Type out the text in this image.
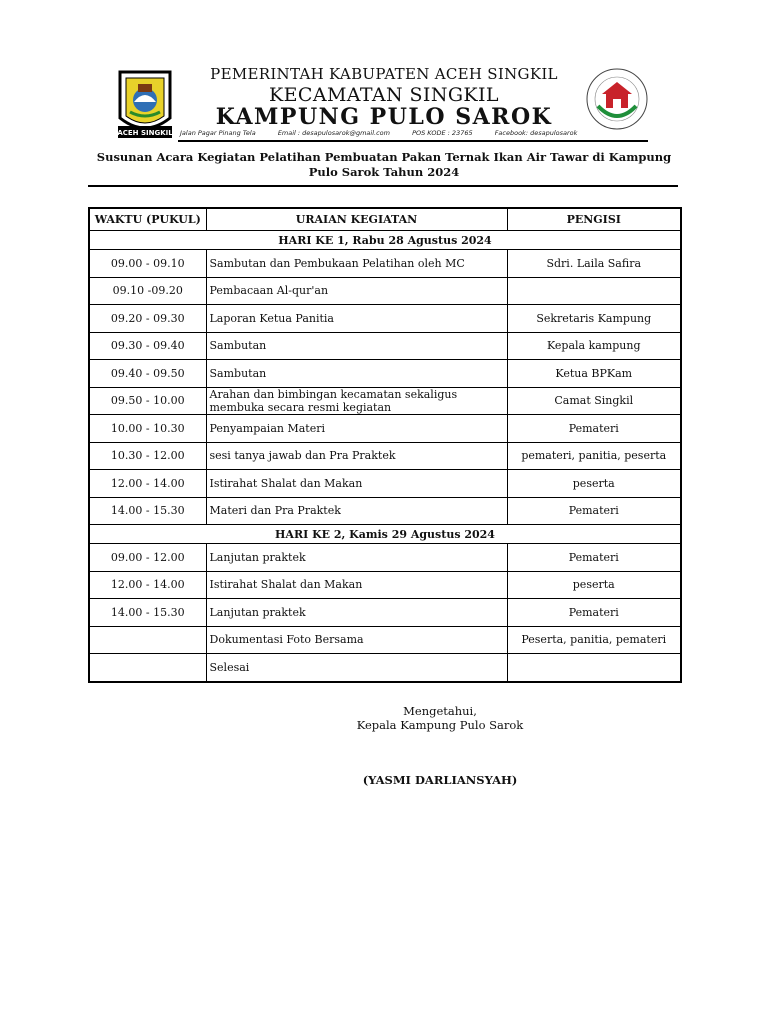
ACEH SINGKIL
PEMERINTAH KABUPATEN ACEH SINGKIL
KECAMATAN SINGKIL
KAMPUNG PULO SAROK
Jalan Pagar Pinang Tela	Email : desapulosarok@gmail.com	POS KODE : 23765	Facebook: desapulosarok
Susunan Acara Kegiatan Pelatihan Pembuatan Pakan Ternak Ikan Air Tawar di Kampung
Pulo Sarok Tahun 2024
WAKTU (PUKUL)	URAIAN KEGIATAN	PENGISI
HARI KE 1, Rabu 28 Agustus 2024		
09.00 - 09.10	Sambutan dan Pembukaan Pelatihan oleh MC	Sdri. Laila Safira
09.10 -09.20	Pembacaan Al-qur'an	
09.20 - 09.30	Laporan Ketua Panitia	Sekretaris Kampung
09.30 - 09.40	Sambutan	Kepala kampung
09.40 - 09.50	Sambutan	Ketua BPKam
09.50 - 10.00	Arahan dan bimbingan kecamatan sekaligus membuka secara resmi kegiatan	Camat Singkil
10.00 - 10.30	Penyampaian Materi	Pemateri
10.30 - 12.00	sesi tanya jawab dan Pra Praktek	pemateri, panitia, peserta
12.00 - 14.00	Istirahat Shalat dan Makan	peserta
14.00 - 15.30	Materi dan Pra Praktek	Pemateri
HARI KE 2, Kamis 29 Agustus 2024		
09.00 - 12.00	Lanjutan praktek	Pemateri
12.00 - 14.00	Istirahat Shalat dan Makan	peserta
14.00 - 15.30	Lanjutan praktek	Pemateri
	Dokumentasi Foto Bersama	Peserta, panitia, pemateri
	Selesai	
Mengetahui,
Kepala Kampung Pulo Sarok
(YASMI DARLIANSYAH)
